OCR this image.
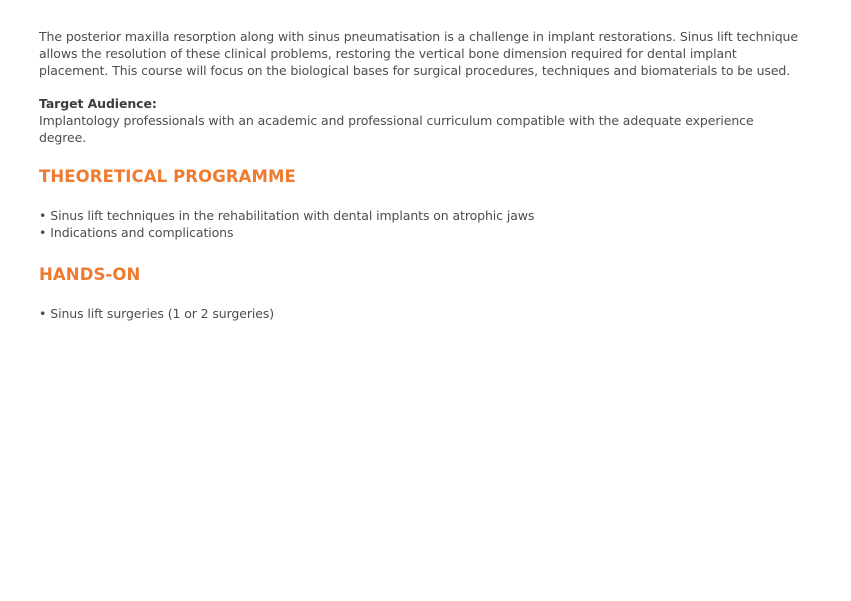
The posterior maxilla resorption along with sinus pneumatisation is a challenge in implant restorations. Sinus lift technique allows the resolution of these clinical problems, restoring the vertical bone dimension required for dental implant placement. This course will focus on the biological bases for surgical procedures, techniques and biomaterials to be used.

Target Audience:
Implantology professionals with an academic and professional curriculum compatible with the adequate experience degree.

THEORETICAL PROGRAMME
• Sinus lift techniques in the rehabilitation with dental implants on atrophic jaws
• Indications and complications
HANDS-ON
• Sinus lift surgeries (1 or 2 surgeries)
